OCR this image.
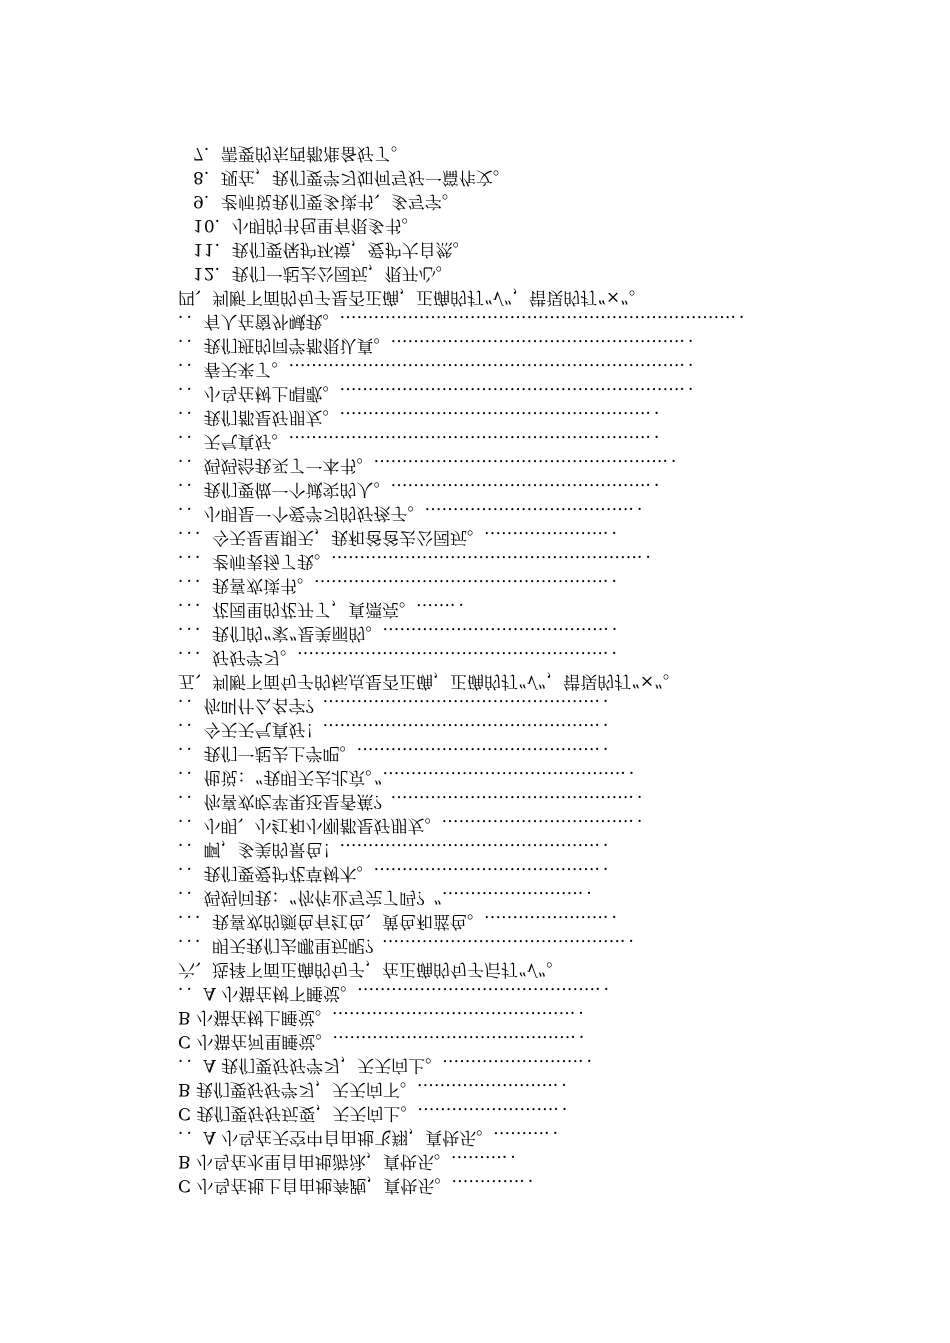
7．需要的东西都准备好了。
8．现在，我们要学习如何写好一篇作文。
9．老师说我们要多读书、多写字。
10．小明的书包里有很多书。
11．我们要保护环境，爱护大自然。
12．我们一起去公园玩，很开心。
四、判断下面的句子是否正确，正确的打“√”，错误的打“×”。
．．有人在窗外喊我。……………………………………………………………．．
．．我们班的同学都很认真。……………………………………………．．
．．春天来了。……………………………………………………………．．
．．小鸟在树上唱歌。……………………………………………………．．
．．我们都是好朋友。………………………………………………．．
．．天气真好。………………………………………………………．．
．．妈妈给我买了一本书。……………………………………………．．
．．我们要做一个诚实的人。………………………………………．．
．．小明是一个爱学习的好孩子。………………………………．．
．．．今天是星期天，我和爸爸去公园玩。…………………．．
．．．老师表扬了我。………………………………………………．．
．．．我喜欢读书。……………………………………………．．
．．．花园里的花开了，真漂亮。……．．
．．．我们的“家”是美丽的。…………………………………．．
．．．好好学习。………………………………………………．．
五、判断下面句子的标点是否正确，正确的打“√”，错误的打“×”。
．．你叫什么名字？…………………………………………．．
．．今天天气真好！…………………………………………．．
．．我们一起去上学吧。……………………………………．．
．．他说：“我明天去北京。”……………………………………．．
．．你喜欢吃苹果还是香蕉？……………………………………．．
．．小明、小红和小刚都是好朋友。……………………………．．
．．啊，多美的景色！………………………………………．．
．．我们要爱护花草树木。…………………………………．．
．．妈妈问我：“你作业写完了吗？”……………………．．
．．．我喜欢的颜色有红色、黄色和蓝色。…………………．．
．．．明天我们去哪里玩呢？……………………………………．．
六、选择下面正确的句子，在正确的句子后打“√”。
．．A 小猫在树下睡觉。……………………………………．．
B 小猫在树上睡觉。……………………………………．．
C 小猫在河里睡觉。……………………………………．．
．．A 我们要好好学习，天天向上。……………………．．
B 我们要好好学习，天天向下。……………………．．
C 我们要好好玩耍，天天向上。……………………．．
．．A 小鸟在天空中自由地飞翔，真快乐。………．．
B 小鸟在水里自由地游泳，真快乐。………．．
C 小鸟在地上自由地奔跑，真快乐。…………．．
